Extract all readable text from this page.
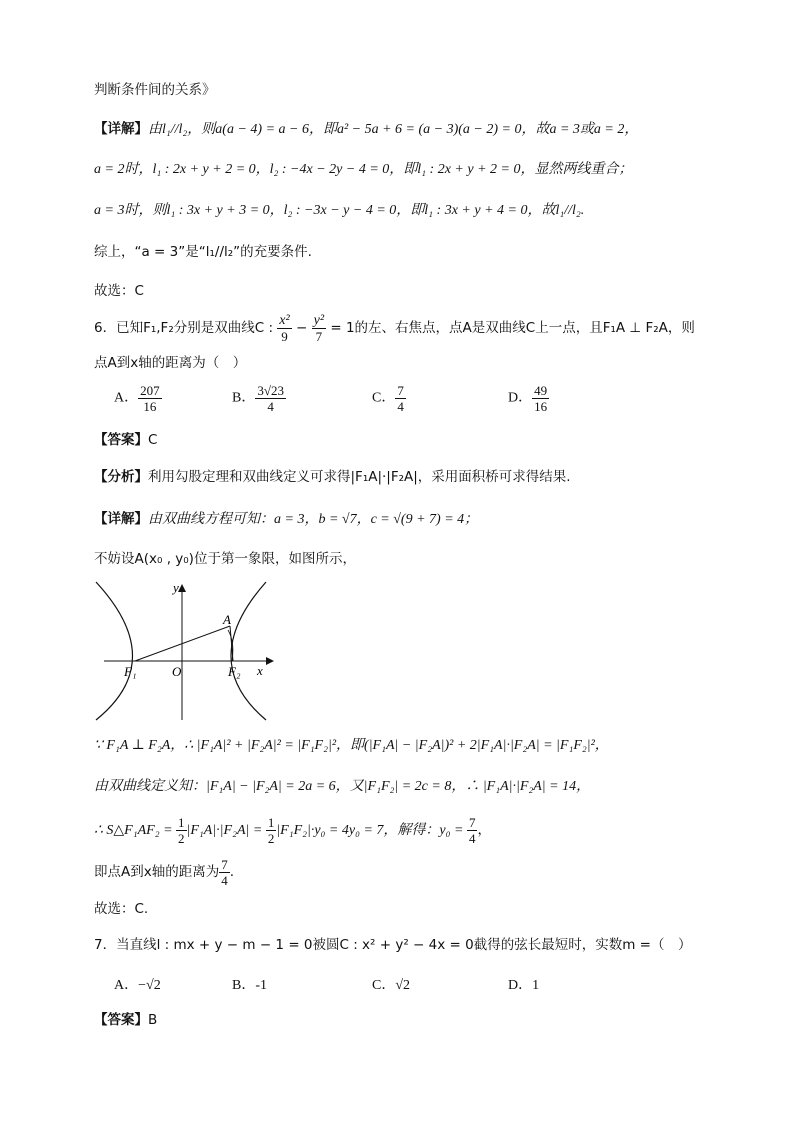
判断条件间的关系》
【详解】由l₁//l₂，则a(a − 4) = a − 6，即a² − 5a + 6 = (a − 3)(a − 2) = 0，故a = 3或a = 2，
a = 2时，l₁ : 2x + y + 2 = 0，l₂ : −4x − 2y − 4 = 0，即l₁ : 2x + y + 2 = 0，显然两线重合；
a = 3时，则l₁ : 3x + y + 3 = 0，l₂ : −3x − y − 4 = 0，即l₁ : 3x + y + 4 = 0，故l₁//l₂.
综上，“a = 3”是“l₁//l₂”的充要条件.
故选：C
6．已知F₁,F₂分别是双曲线C : $\frac{\text{x²}}{9} - \frac{\text{y²}}{7} = 1$的左、右焦点，点A是双曲线C上一点，且F₁A ⊥ F₂A，则
点A到x轴的距离为（　）
A． $\frac{207}{16}$	B． $\frac{3√23}{4}$	C． $\frac{7}{4}$	D． $\frac{49}{16}$
【答案】C
【分析】利用勾股定理和双曲线定义可求得|F₁A|·|F₂A|，采用面积桥可求得结果.
【详解】由双曲线方程可知：a = 3，b = √7，c = √(9 + 7) = 4；
不妨设A(x₀ , y₀)位于第一象限，如图所示，
y
A
F₁	O	F₂ x
∵ F₁A ⊥ F₂A，∴ |F₁A|² + |F₂A|² = |F₁F₂|²，即(|F₁A| − |F₂A|)² + 2|F₁A|·|F₂A| = |F₁F₂|²，
由双曲线定义知：|F₁A| − |F₂A| = 2a = 6，又|F₁F₂| = 2c = 8，∴ |F₁A|·|F₂A| = 14，
∴ S△F₁AF₂ = $\frac{1}{2} |F_1A|\cdot|F_2A| = \frac{1}{2} |F_1F_2|\cdot y_0 = 4y_0 = 7$，解得：$y_0 = \frac{7}{4}$ ，
即点A到x轴的距离为 $\frac{7}{4}$ .
故选：C.
7．当直线l : mx + y − m − 1 = 0被圆C : x² + y² − 4x = 0截得的弦长最短时，实数m =（　）
A．−√2	B．-1	C．√2	D．1
【答案】B
